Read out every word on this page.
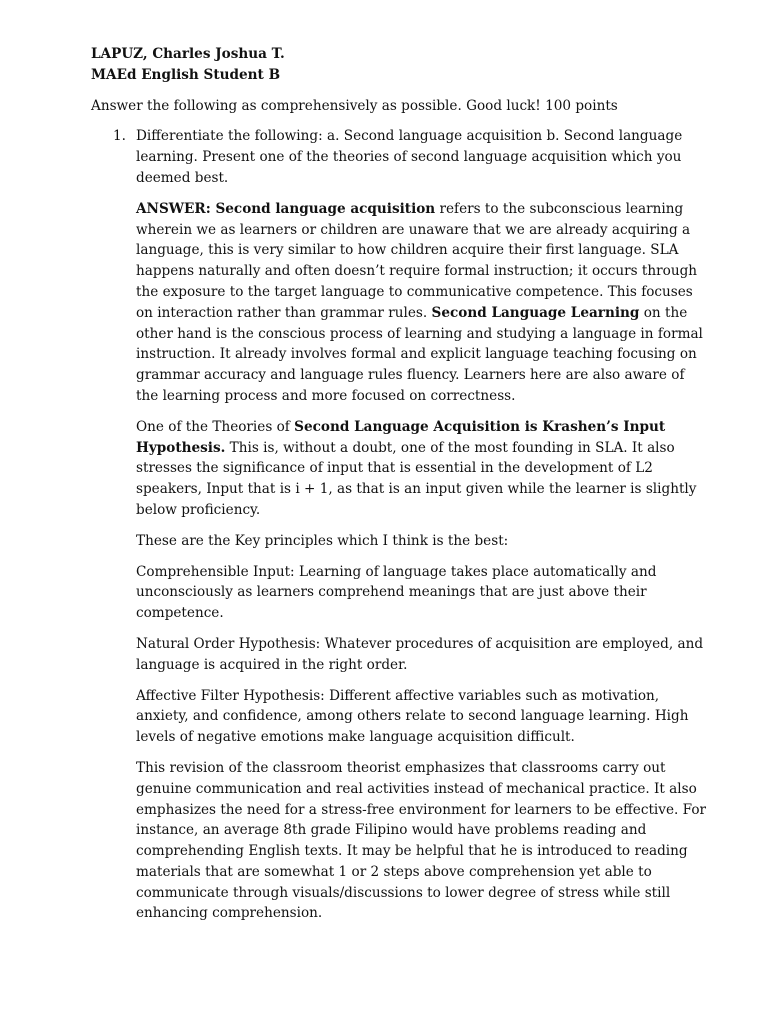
LAPUZ, Charles Joshua T.

MAEd English Student B

Answer the following as comprehensively as possible. Good luck! 100 points

1. Differentiate the following: a. Second language acquisition b. Second language learning. Present one of the theories of second language acquisition which you deemed best.

ANSWER: Second language acquisition refers to the subconscious learning wherein we as learners or children are unaware that we are already acquiring a language, this is very similar to how children acquire their first language. SLA happens naturally and often doesn’t require formal instruction; it occurs through the exposure to the target language to communicative competence. This focuses on interaction rather than grammar rules. Second Language Learning on the other hand is the conscious process of learning and studying a language in formal instruction. It already involves formal and explicit language teaching focusing on grammar accuracy and language rules fluency. Learners here are also aware of the learning process and more focused on correctness.

One of the Theories of Second Language Acquisition is Krashen’s Input Hypothesis. This is, without a doubt, one of the most founding in SLA. It also stresses the significance of input that is essential in the development of L2 speakers, Input that is i + 1, as that is an input given while the learner is slightly below proficiency.

These are the Key principles which I think is the best:

Comprehensible Input: Learning of language takes place automatically and unconsciously as learners comprehend meanings that are just above their competence.

Natural Order Hypothesis: Whatever procedures of acquisition are employed, and language is acquired in the right order.

Affective Filter Hypothesis: Different affective variables such as motivation, anxiety, and confidence, among others relate to second language learning. High levels of negative emotions make language acquisition difficult.

This revision of the classroom theorist emphasizes that classrooms carry out genuine communication and real activities instead of mechanical practice. It also emphasizes the need for a stress-free environment for learners to be effective. For instance, an average 8th grade Filipino would have problems reading and comprehending English texts. It may be helpful that he is introduced to reading materials that are somewhat 1 or 2 steps above comprehension yet able to communicate through visuals/discussions to lower degree of stress while still enhancing comprehension.
